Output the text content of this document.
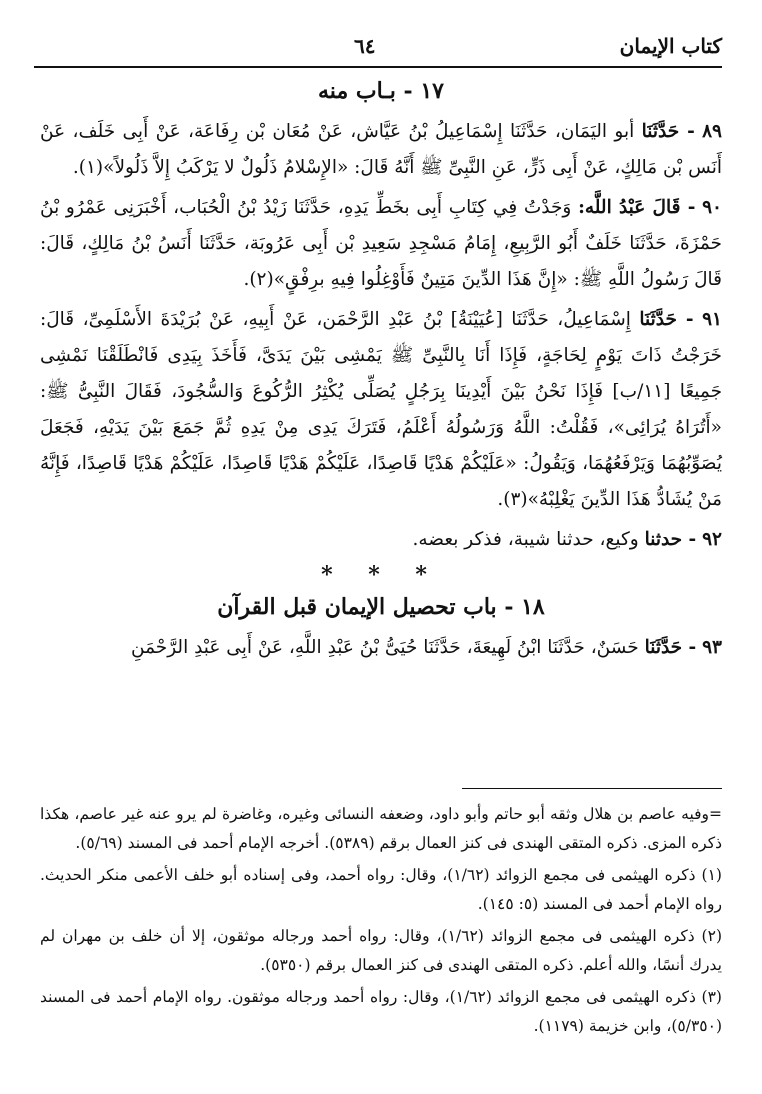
كتاب الإيمان
٦٤
١٧ - بـاب منه

٨٩ - حَدَّثَنَا أبو اليَمَان، حَدَّثَنَا إِسْمَاعِيلُ بْنُ عَيَّاش، عَنْ مُعَان بْن رِفَاعَة، عَنْ أَبِى خَلَف، عَنْ أَنَس بْن مَالِكٍ، عَنْ أَبِى ذَرٍّ، عَنِ النَّبِىِّ ﷺ أَنَّهُ قَالَ: «الإِسْلامُ ذَلُولٌ لا يَرْكَبُ إِلاَّ ذَلُولاً»(١).

٩٠ - قَالَ عَبْدُ اللَّه: وَجَدْتُ فِي كِتَابِ أَبِى بخَطِّ يَدِهِ، حَدَّثَنَا زَيْدُ بْنُ الْحُبَاب، أَخْبَرَنِى عَمْرُو بْنُ حَمْزَةَ، حَدَّثَنَا خَلَفٌ أَبُو الرَّبِيعِ، إِمَامُ مَسْجِدِ سَعِيدِ بْن أَبِى عَرُوبَة، حَدَّثَنَا أَنَسُ بْنُ مَالِكٍ، قَالَ: قَالَ رَسُولُ اللَّهِ ﷺ: «إِنَّ هَذَا الدِّينَ مَتِينٌ فَأَوْغِلُوا فِيهِ برِفْقٍ»(٢).

٩١ - حَدَّثَنَا إِسْمَاعِيلُ، حَدَّثَنَا [عُيَيْنَةُ] بْنُ عَبْدِ الرَّحْمَن، عَنْ أَبِيهِ، عَنْ بُرَيْدَةَ الأَسْلَمِىِّ، قَالَ: خَرَجْتُ ذَاتَ يَوْمٍ لِحَاجَةٍ، فَإِذَا أَنَا بِالنَّبِىِّ ﷺ يَمْشِى بَيْنَ يَدَىَّ، فَأَخَذَ بِيَدِى فَانْطَلَقْنَا نَمْشِى جَمِيعًا [١١/ب] فَإِذَا نَحْنُ بَيْنَ أَيْدِينَا بِرَجُلٍ يُصَلِّى يُكْثِرُ الرُّكُوعَ وَالسُّجُودَ، فَقَالَ النَّبِىُّ ﷺ: «أَتُرَاهُ يُرَائِى»، فَقُلْتُ: اللَّهُ وَرَسُولُهُ أَعْلَمُ، فَتَرَكَ يَدِى مِنْ يَدِهِ ثُمَّ جَمَعَ بَيْنَ يَدَيْهِ، فَجَعَلَ يُصَوِّبُهُمَا وَيَرْفَعُهُمَا، وَيَقُولُ: «عَلَيْكُمْ هَدْيًا قَاصِدًا، عَلَيْكُمْ هَدْيًا قَاصِدًا، عَلَيْكُمْ هَدْيًا قَاصِدًا، فَإِنَّهُ مَنْ يُشَادُّ هَذَا الدِّينَ يَغْلِبْهُ»(٣).

٩٢ - حدثنا وكيع، حدثنا شيبة، فذكر بعضه.

* * *
١٨ - باب تحصيل الإيمان قبل القرآن

٩٣ - حَدَّثَنَا حَسَنٌ، حَدَّثَنَا ابْنُ لَهِيعَةَ، حَدَّثَنَا حُيَىُّ بْنُ عَبْدِ اللَّهِ، عَنْ أَبِى عَبْدِ الرَّحْمَنِ

=وفيه عاصم بن هلال وثقه أبو حاتم وأبو داود، وضعفه النسائى وغيره، وغاضرة لم يرو عنه غير عاصم، هكذا ذكره المزى. ذكره المتقى الهندى فى كنز العمال برقم (٥٣٨٩). أخرجه الإمام أحمد فى المسند (٥/٦٩).

(١) ذكره الهيثمى فى مجمع الزوائد (١/٦٢)، وقال: رواه أحمد، وفى إسناده أبو خلف الأعمى منكر الحديث. رواه الإمام أحمد فى المسند (٥: ١٤٥).

(٢) ذكره الهيثمى فى مجمع الزوائد (١/٦٢)، وقال: رواه أحمد ورجاله موثقون، إلا أن خلف بن مهران لم يدرك أنسًا، والله أعلم. ذكره المتقى الهندى فى كنز العمال برقم (٥٣٥٠).

(٣) ذكره الهيثمى فى مجمع الزوائد (١/٦٢)، وقال: رواه أحمد ورجاله موثقون. رواه الإمام أحمد فى المسند (٥/٣٥٠)، وابن خزيمة (١١٧٩).
